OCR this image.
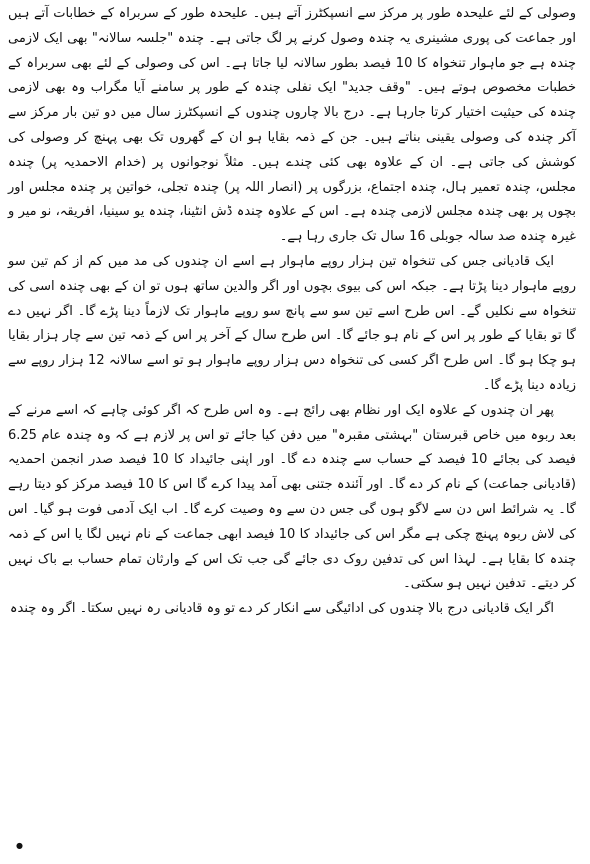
وصولی کے لئے علیحدہ طور پر مرکز سے انسپکٹرز آتے ہیں۔ علیحدہ طور کے سربراہ کے خطابات آتے ہیں اور جماعت کی پوری مشینری یہ چندہ وصول کرنے پر لگ جاتی ہے۔ چندہ "جلسہ سالانہ" بھی ایک لازمی چندہ ہے جو ماہوار تنخواہ کا 10 فیصد بطور سالانہ لیا جاتا ہے۔ اس کی وصولی کے لئے بھی سربراہ کے خطبات مخصوص ہوتے ہیں۔ "وقف جدید" ایک نفلی چندہ کے طور پر سامنے آیا مگراب وہ بھی لازمی چندہ کی حیثیت اختیار کرتا جارہا ہے۔ درج بالا چاروں چندوں کے انسپکٹرز سال میں دو تین بار مرکز سے آکر چندہ کی وصولی یقینی بناتے ہیں۔ جن کے ذمہ بقایا ہو ان کے گھروں تک بھی پہنچ کر وصولی کی کوشش کی جاتی ہے۔ ان کے علاوہ بھی کئی چندے ہیں۔ مثلاً نوجوانوں پر (خدام الاحمدیہ پر) چندہ مجلس، چندہ تعمیر ہال، چندہ اجتماع، بزرگوں پر (انصار اللہ پر) چندہ تجلی، خواتین پر چندہ مجلس اور بچوں پر بھی چندہ مجلس لازمی چندہ ہے۔ اس کے علاوہ چندہ ڈش انٹینا، چندہ یو سینیا، افریقہ، نو میر و غیرہ چندہ صد سالہ جوبلی 16 سال تک جاری رہا ہے۔

ایک قادیانی جس کی تنخواہ تین ہزار روپے ماہوار ہے اسے ان چندوں کی مد میں کم از کم تین سو روپے ماہوار دینا پڑتا ہے۔ جبکہ اس کی بیوی بچوں اور اگر والدین ساتھ ہوں تو ان کے بھی چندہ اسی کی تنخواہ سے نکلیں گے۔ اس طرح اسے تین سو سے پانچ سو روپے ماہوار تک لازماً دینا پڑے گا۔ اگر نہیں دے گا تو بقایا کے طور پر اس کے نام ہو جائے گا۔ اس طرح سال کے آخر پر اس کے ذمہ تین سے چار ہزار بقایا ہو چکا ہو گا۔ اس طرح اگر کسی کی تنخواہ دس ہزار روپے ماہوار ہو تو اسے سالانہ 12 ہزار روپے سے زیادہ دینا پڑے گا۔

پھر ان چندوں کے علاوہ ایک اور نظام بھی رائج ہے۔ وہ اس طرح کہ اگر کوئی چاہے کہ اسے مرنے کے بعد ربوہ میں خاص قبرستان "بہشتی مقبرہ" میں دفن کیا جائے تو اس پر لازم ہے کہ وہ چندہ عام 6.25 فیصد کی بجائے 10 فیصد کے حساب سے چندہ دے گا۔ اور اپنی جائیداد کا 10 فیصد صدر انجمن احمدیہ (قادیانی جماعت) کے نام کر دے گا۔ اور آئندہ جتنی بھی آمد پیدا کرے گا اس کا 10 فیصد مرکز کو دیتا رہے گا۔ یہ شرائط اس دن سے لاگو ہوں گی جس دن سے وہ وصیت کرے گا۔ اب ایک آدمی فوت ہو گیا۔ اس کی لاش ربوہ پہنچ چکی ہے مگر اس کی جائیداد کا 10 فیصد ابھی جماعت کے نام نہیں لگا یا اس کے ذمہ چندہ کا بقایا ہے۔ لہذا اس کی تدفین روک دی جائے گی جب تک اس کے وارثان تمام حساب بے باک نہیں کر دیتے۔ تدفین نہیں ہو سکتی۔

اگر ایک قادیانی درج بالا چندوں کی ادائیگی سے انکار کر دے تو وہ قادیانی رہ نہیں سکتا۔ اگر وہ چندہ

●
